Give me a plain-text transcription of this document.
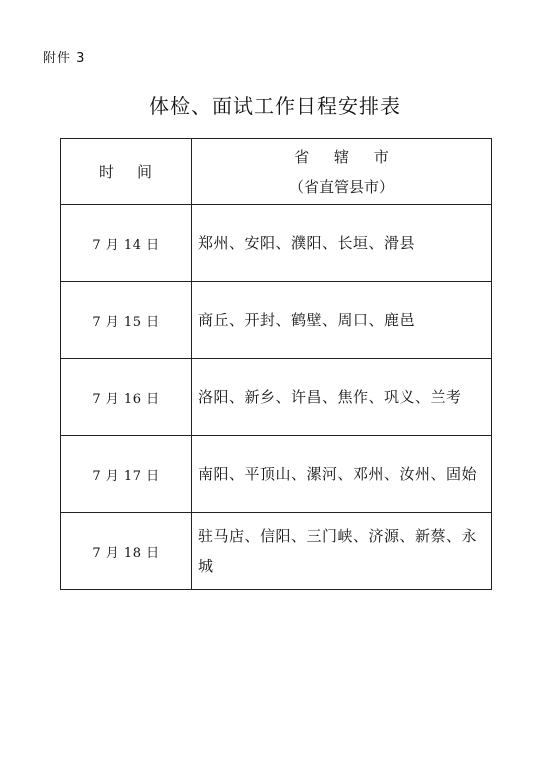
附件 3
体检、面试工作日程安排表
时 间	省 辖 市
（省直管县市）

7 月 14 日	郑州、安阳、濮阳、长垣、滑县
7 月 15 日	商丘、开封、鹤壁、周口、鹿邑
7 月 16 日	洛阳、新乡、许昌、焦作、巩义、兰考
7 月 17 日	南阳、平顶山、漯河、邓州、汝州、固始
7 月 18 日	驻马店、信阳、三门峡、济源、新蔡、永城
